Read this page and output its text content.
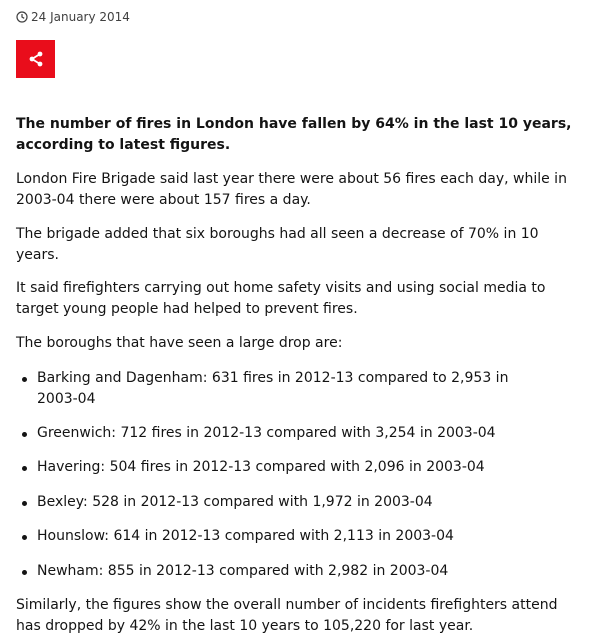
24 January 2014

The number of fires in London have fallen by 64% in the last 10 years, according to latest figures.

London Fire Brigade said last year there were about 56 fires each day, while in 2003-04 there were about 157 fires a day.

The brigade added that six boroughs had all seen a decrease of 70% in 10 years.

It said firefighters carrying out home safety visits and using social media to target young people had helped to prevent fires.

The boroughs that have seen a large drop are:

Barking and Dagenham: 631 fires in 2012-13 compared to 2,953 in 2003-04
Greenwich: 712 fires in 2012-13 compared with 3,254 in 2003-04
Havering: 504 fires in 2012-13 compared with 2,096 in 2003-04
Bexley: 528 in 2012-13 compared with 1,972 in 2003-04
Hounslow: 614 in 2012-13 compared with 2,113 in 2003-04
Newham: 855 in 2012-13 compared with 2,982 in 2003-04

Similarly, the figures show the overall number of incidents firefighters attend has dropped by 42% in the last 10 years to 105,220 for last year.
